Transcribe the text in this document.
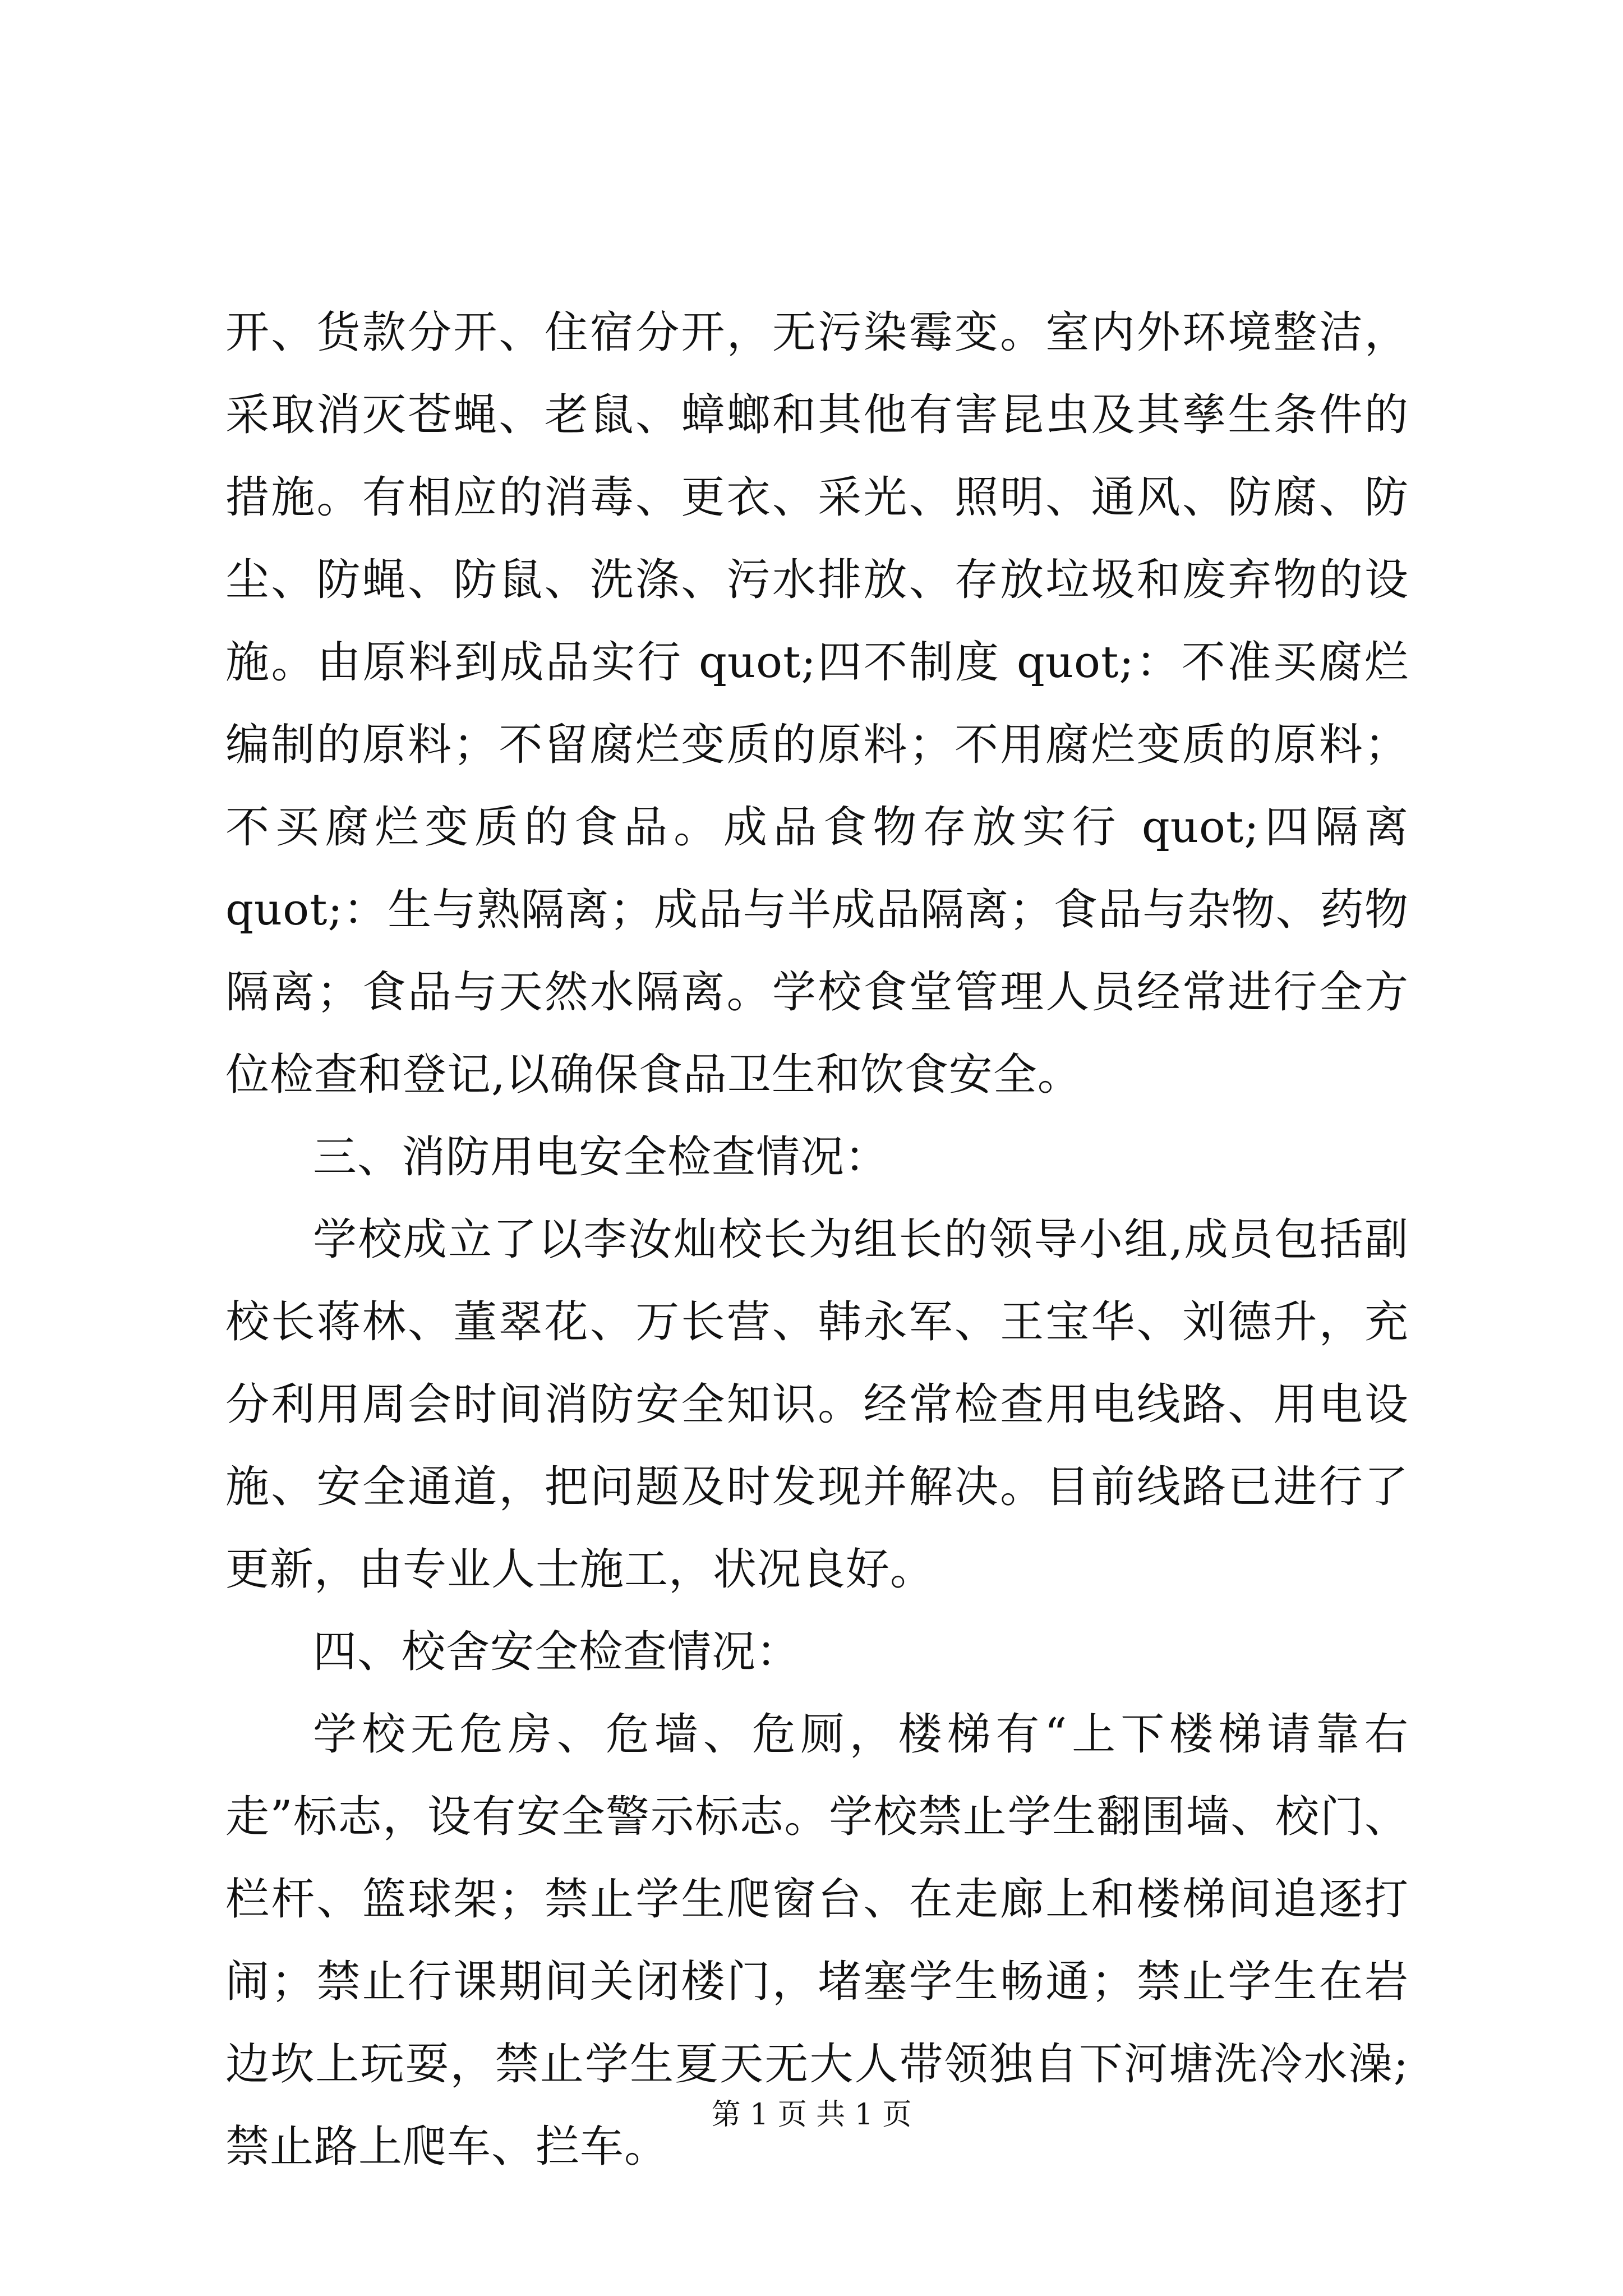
开、货款分开、住宿分开，无污染霉变。室内外环境整洁，采取消灭苍蝇、老鼠、蟑螂和其他有害昆虫及其孳生条件的措施。有相应的消毒、更衣、采光、照明、通风、防腐、防尘、防蝇、防鼠、洗涤、污水排放、存放垃圾和废弃物的设施。由原料到成品实行 quot;四不制度 quot;：不准买腐烂编制的原料；不留腐烂变质的原料；不用腐烂变质的原料；不买腐烂变质的食品。成品食物存放实行 quot;四隔离 quot;：生与熟隔离；成品与半成品隔离；食品与杂物、药物隔离；食品与天然水隔离。学校食堂管理人员经常进行全方位检查和登记,以确保食品卫生和饮食安全。

三、消防用电安全检查情况：

学校成立了以李汝灿校长为组长的领导小组,成员包括副校长蒋林、董翠花、万长营、韩永军、王宝华、刘德升，充分利用周会时间消防安全知识。经常检查用电线路、用电设施、安全通道，把问题及时发现并解决。目前线路已进行了更新，由专业人士施工，状况良好。

四、校舍安全检查情况：

学校无危房、危墙、危厕，楼梯有“上下楼梯请靠右走”标志，设有安全警示标志。学校禁止学生翻围墙、校门、栏杆、篮球架；禁止学生爬窗台、在走廊上和楼梯间追逐打闹；禁止行课期间关闭楼门，堵塞学生畅通；禁止学生在岩边坎上玩耍，禁止学生夏天无大人带领独自下河塘洗冷水澡;禁止路上爬车、拦车。

第 1 页 共 1 页
